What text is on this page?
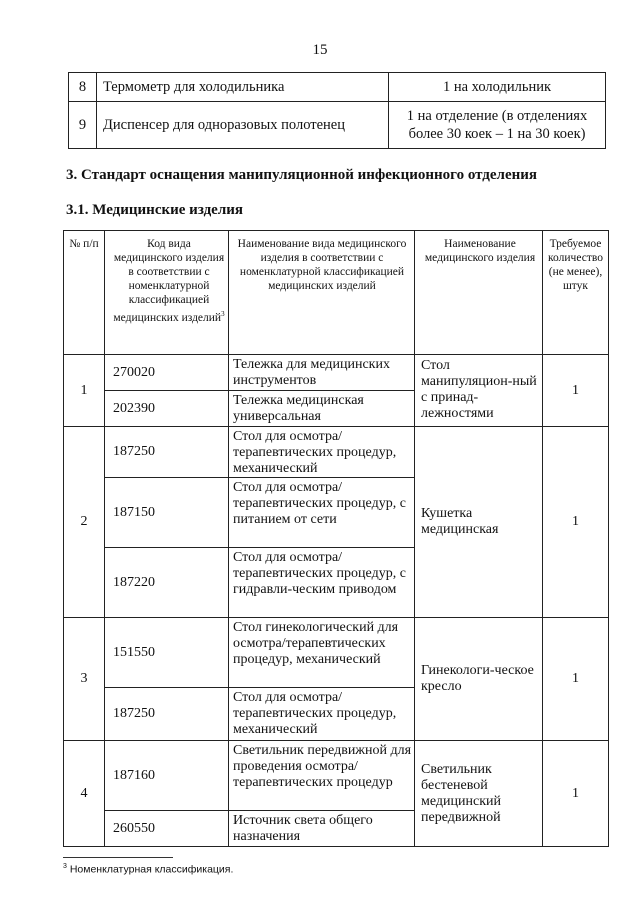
15
8	Термометр для холодильника	1 на холодильник
9	Диспенсер для одноразовых полотенец	1 на отделение (в отделениях
более 30 коек – 1 на 30 коек)
3. Стандарт оснащения манипуляционной инфекционного отделения
3.1. Медицинские изделия
№ п/п	Код вида медицинского изделия в соответствии с номенклатурной классификацией медицинских изделий$^3$	Наименование вида медицинского изделия в соответствии с номенклатурной классификацией медицинских изделий	Наименование медицинского изделия	Требуемое количество (не менее), штук
1	270020	Тележка для медицинских инструментов	Стол манипуляцион-ный с принад-лежностями	1
	202390	Тележка медицинская универсальная		
2	187250	Стол для осмотра/терапевтических процедур, механический	Кушетка медицинская	1
	187150	Стол для осмотра/терапевтических процедур, с питанием от сети		
	187220	Стол для осмотра/терапевтических процедур, с гидравли-ческим приводом		
3	151550	Стол гинекологический для осмотра/терапевтических процедур, механический	Гинекологи-ческое кресло	1
	187250	Стол для осмотра/терапевтических процедур, механический		
4	187160	Светильник передвижной для проведения осмотра/терапевтических процедур	Светильник бестеневой медицинский передвижной	1
	260550	Источник света общего назначения		
$^3$ Номенклатурная классификация.
